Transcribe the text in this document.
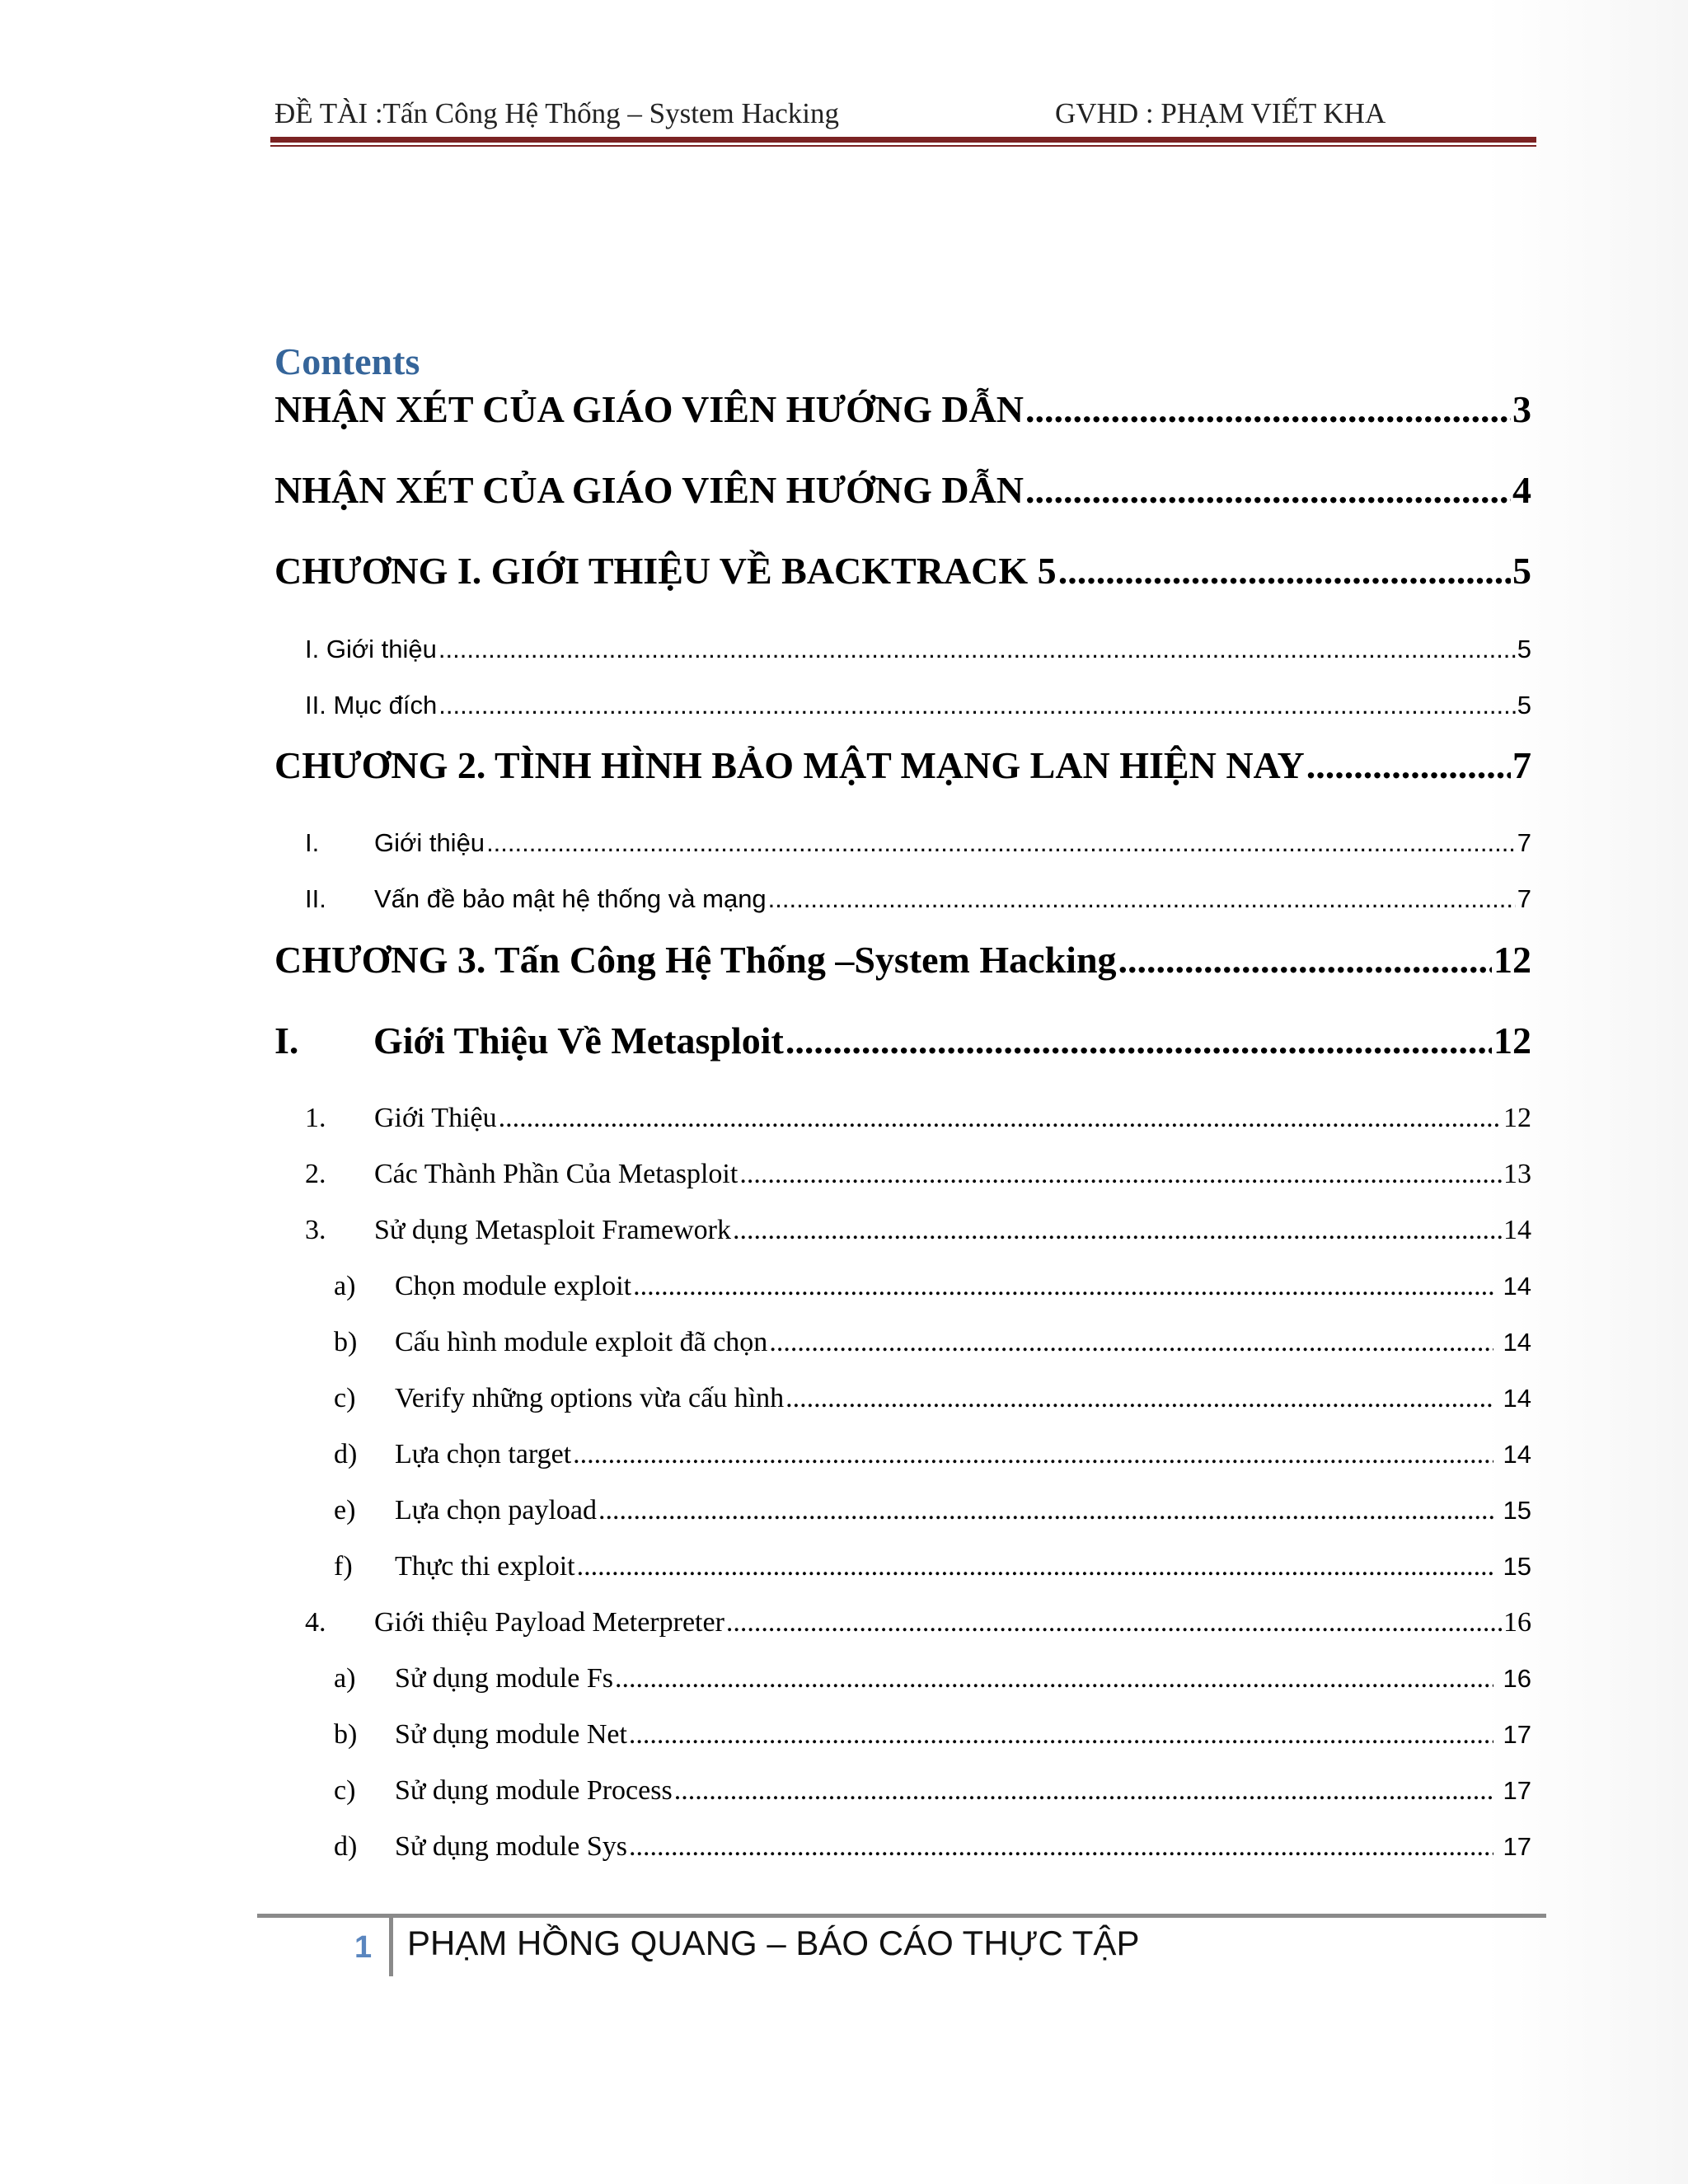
ĐỀ TÀI :Tấn Công Hệ Thống – System Hacking	GVHD : PHẠM VIẾT KHA
Contents
NHẬN XÉT CỦA GIÁO VIÊN HƯỚNG DẪN .....	3
NHẬN XÉT CỦA GIÁO VIÊN HƯỚNG DẪN .....	4
CHƯƠNG I. GIỚI THIỆU VỀ BACKTRACK 5 .....	5
I. Giới thiệu .....	5
II. Mục đích .....	5
CHƯƠNG 2. TÌNH HÌNH BẢO MẬT MẠNG LAN HIỆN NAY .....	7
I.	Giới thiệu .....	7
II.	Vấn đề bảo mật hệ thống và mạng .....	7
CHƯƠNG 3. Tấn Công Hệ Thống –System Hacking .....	12
I.	Giới Thiệu Về Metasploit .....	12
1.	Giới Thiệu .....	12
2.	Các Thành Phần Của Metasploit .....	13
3.	Sử dụng Metasploit Framework .....	14
a)	Chọn module exploit .....	14
b)	Cấu hình module exploit đã chọn .....	14
c)	Verify những options vừa cấu hình .....	14
d)	Lựa chọn target .....	14
e)	Lựa chọn payload .....	15
f)	Thực thi exploit .....	15
4.	Giới thiệu Payload Meterpreter .....	16
a)	Sử dụng module Fs .....	16
b)	Sử dụng module Net .....	17
c)	Sử dụng module Process .....	17
d)	Sử dụng module Sys .....	17
1 PHẠM HỒNG QUANG – BÁO CÁO THỰC TẬP
